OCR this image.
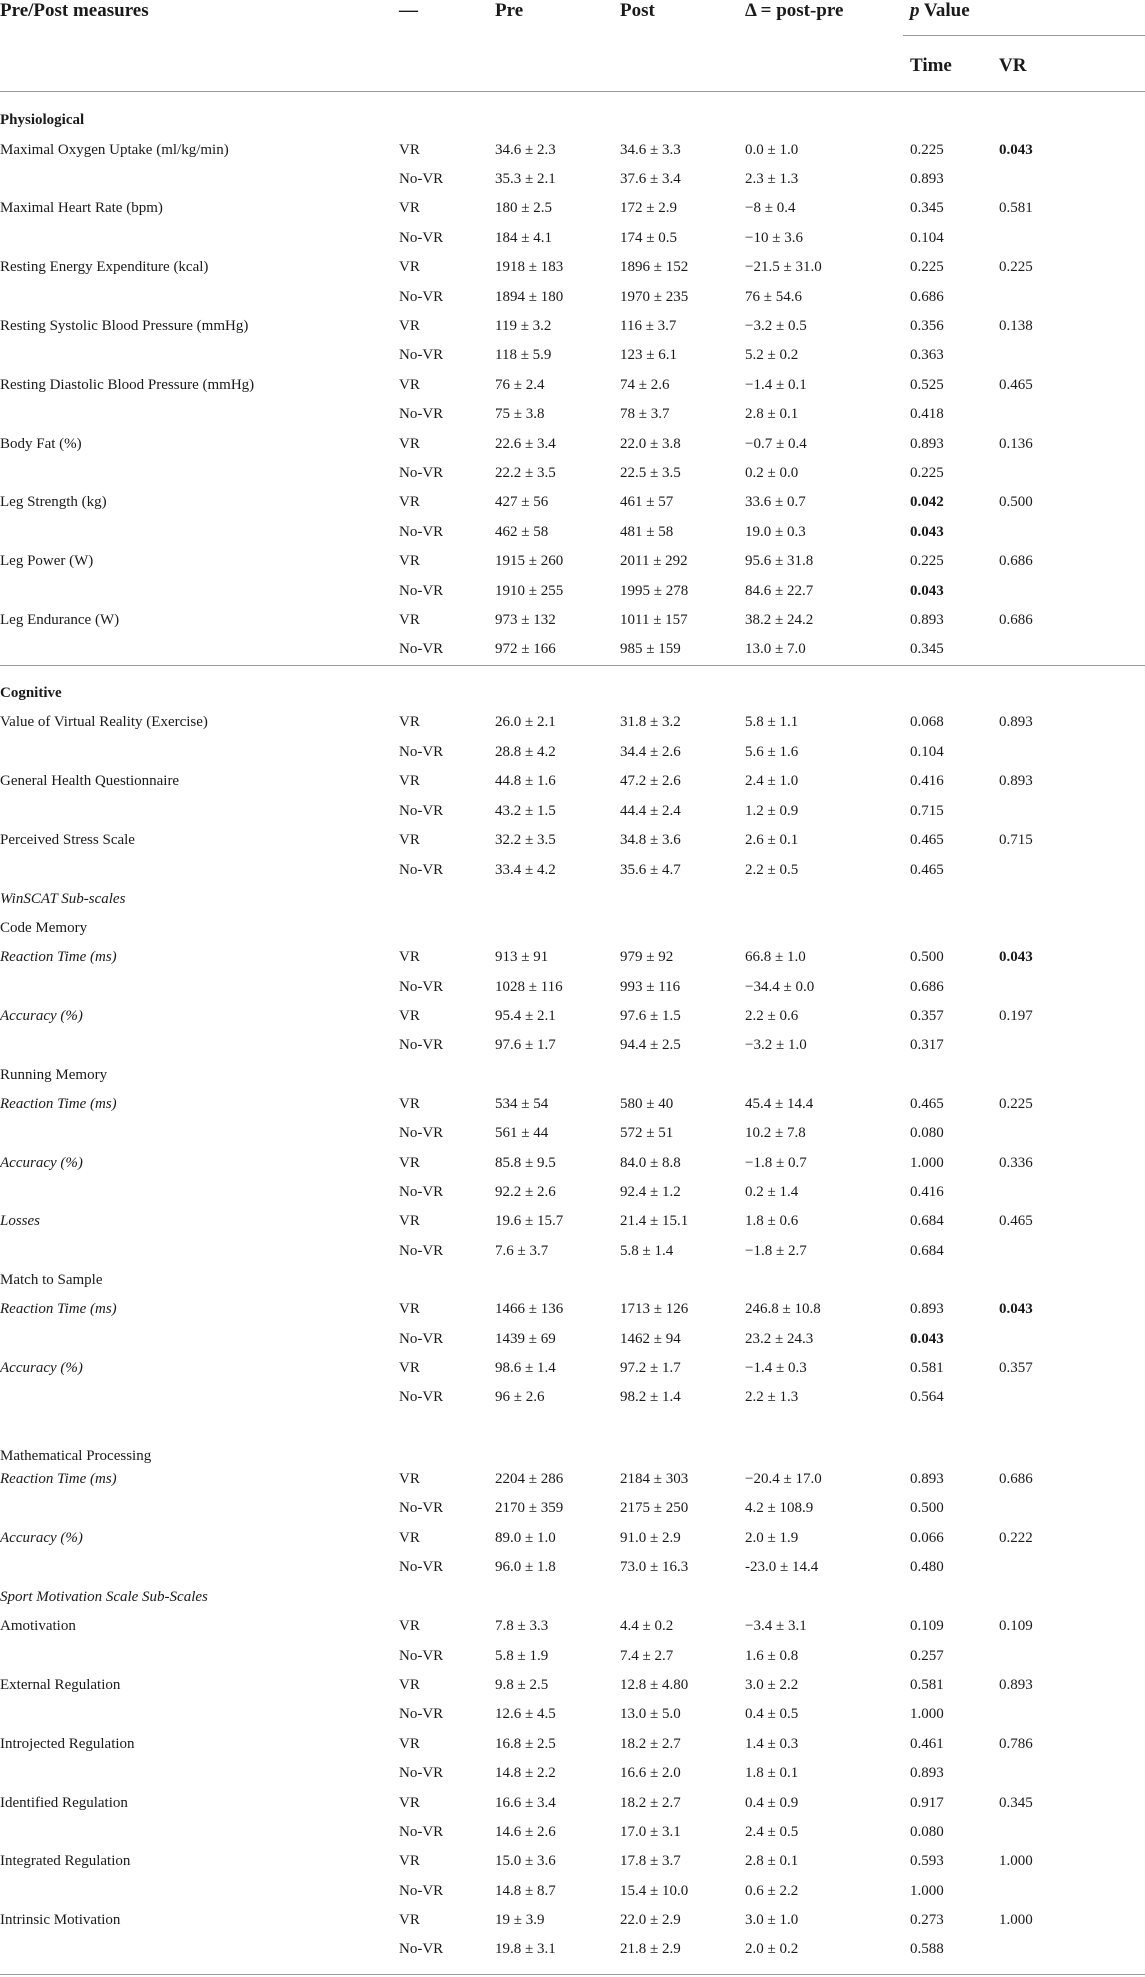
Pre/Post measures	—	Pre	Post	Δ = post-pre	p Value
Time VR
Physiological
Maximal Oxygen Uptake (ml/kg/min)	VR	34.6 ± 2.3	34.6 ± 3.3	0.0 ± 1.0	0.225	0.043
No-VR	35.3 ± 2.1	37.6 ± 3.4	2.3 ± 1.3	0.893
Maximal Heart Rate (bpm)	VR	180 ± 2.5	172 ± 2.9	−8 ± 0.4	0.345	0.581
No-VR	184 ± 4.1	174 ± 0.5	−10 ± 3.6	0.104
Resting Energy Expenditure (kcal)	VR	1918 ± 183	1896 ± 152	−21.5 ± 31.0	0.225	0.225
No-VR	1894 ± 180	1970 ± 235	76 ± 54.6	0.686
Resting Systolic Blood Pressure (mmHg)	VR	119 ± 3.2	116 ± 3.7	−3.2 ± 0.5	0.356	0.138
No-VR	118 ± 5.9	123 ± 6.1	5.2 ± 0.2	0.363
Resting Diastolic Blood Pressure (mmHg)	VR	76 ± 2.4	74 ± 2.6	−1.4 ± 0.1	0.525	0.465
No-VR	75 ± 3.8	78 ± 3.7	2.8 ± 0.1	0.418
Body Fat (%)	VR	22.6 ± 3.4	22.0 ± 3.8	−0.7 ± 0.4	0.893	0.136
No-VR	22.2 ± 3.5	22.5 ± 3.5	0.2 ± 0.0	0.225
Leg Strength (kg)	VR	427 ± 56	461 ± 57	33.6 ± 0.7	0.042	0.500
No-VR	462 ± 58	481 ± 58	19.0 ± 0.3	0.043
Leg Power (W)	VR	1915 ± 260	2011 ± 292	95.6 ± 31.8	0.225	0.686
No-VR	1910 ± 255	1995 ± 278	84.6 ± 22.7	0.043
Leg Endurance (W)	VR	973 ± 132	1011 ± 157	38.2 ± 24.2	0.893	0.686
No-VR	972 ± 166	985 ± 159	13.0 ± 7.0	0.345
Cognitive
Value of Virtual Reality (Exercise)	VR	26.0 ± 2.1	31.8 ± 3.2	5.8 ± 1.1	0.068	0.893
No-VR	28.8 ± 4.2	34.4 ± 2.6	5.6 ± 1.6	0.104
General Health Questionnaire	VR	44.8 ± 1.6	47.2 ± 2.6	2.4 ± 1.0	0.416	0.893
No-VR	43.2 ± 1.5	44.4 ± 2.4	1.2 ± 0.9	0.715
Perceived Stress Scale	VR	32.2 ± 3.5	34.8 ± 3.6	2.6 ± 0.1	0.465	0.715
No-VR	33.4 ± 4.2	35.6 ± 4.7	2.2 ± 0.5	0.465
WinSCAT Sub-scales
Code Memory
Reaction Time (ms)	VR	913 ± 91	979 ± 92	66.8 ± 1.0	0.500	0.043
No-VR	1028 ± 116	993 ± 116	−34.4 ± 0.0	0.686
Accuracy (%)	VR	95.4 ± 2.1	97.6 ± 1.5	2.2 ± 0.6	0.357	0.197
No-VR	97.6 ± 1.7	94.4 ± 2.5	−3.2 ± 1.0	0.317
Running Memory
Reaction Time (ms)	VR	534 ± 54	580 ± 40	45.4 ± 14.4	0.465	0.225
No-VR	561 ± 44	572 ± 51	10.2 ± 7.8	0.080
Accuracy (%)	VR	85.8 ± 9.5	84.0 ± 8.8	−1.8 ± 0.7	1.000	0.336
No-VR	92.2 ± 2.6	92.4 ± 1.2	0.2 ± 1.4	0.416
Losses	VR	19.6 ± 15.7	21.4 ± 15.1	1.8 ± 0.6	0.684	0.465
No-VR	7.6 ± 3.7	5.8 ± 1.4	−1.8 ± 2.7	0.684
Match to Sample
Reaction Time (ms)	VR	1466 ± 136	1713 ± 126	246.8 ± 10.8	0.893	0.043
No-VR	1439 ± 69	1462 ± 94	23.2 ± 24.3	0.043
Accuracy (%)	VR	98.6 ± 1.4	97.2 ± 1.7	−1.4 ± 0.3	0.581	0.357
No-VR	96 ± 2.6	98.2 ± 1.4	2.2 ± 1.3	0.564
Mathematical Processing
Reaction Time (ms)	VR	2204 ± 286	2184 ± 303	−20.4 ± 17.0	0.893	0.686
No-VR	2170 ± 359	2175 ± 250	4.2 ± 108.9	0.500
Accuracy (%)	VR	89.0 ± 1.0	91.0 ± 2.9	2.0 ± 1.9	0.066	0.222
No-VR	96.0 ± 1.8	73.0 ± 16.3	-23.0 ± 14.4	0.480
Sport Motivation Scale Sub-Scales
Amotivation	VR	7.8 ± 3.3	4.4 ± 0.2	−3.4 ± 3.1	0.109	0.109
No-VR	5.8 ± 1.9	7.4 ± 2.7	1.6 ± 0.8	0.257
External Regulation	VR	9.8 ± 2.5	12.8 ± 4.80	3.0 ± 2.2	0.581	0.893
No-VR	12.6 ± 4.5	13.0 ± 5.0	0.4 ± 0.5	1.000
Introjected Regulation	VR	16.8 ± 2.5	18.2 ± 2.7	1.4 ± 0.3	0.461	0.786
No-VR	14.8 ± 2.2	16.6 ± 2.0	1.8 ± 0.1	0.893
Identified Regulation	VR	16.6 ± 3.4	18.2 ± 2.7	0.4 ± 0.9	0.917	0.345
No-VR	14.6 ± 2.6	17.0 ± 3.1	2.4 ± 0.5	0.080
Integrated Regulation	VR	15.0 ± 3.6	17.8 ± 3.7	2.8 ± 0.1	0.593	1.000
No-VR	14.8 ± 8.7	15.4 ± 10.0	0.6 ± 2.2	1.000
Intrinsic Motivation	VR	19 ± 3.9	22.0 ± 2.9	3.0 ± 1.0	0.273	1.000
No-VR	19.8 ± 3.1	21.8 ± 2.9	2.0 ± 0.2	0.588
